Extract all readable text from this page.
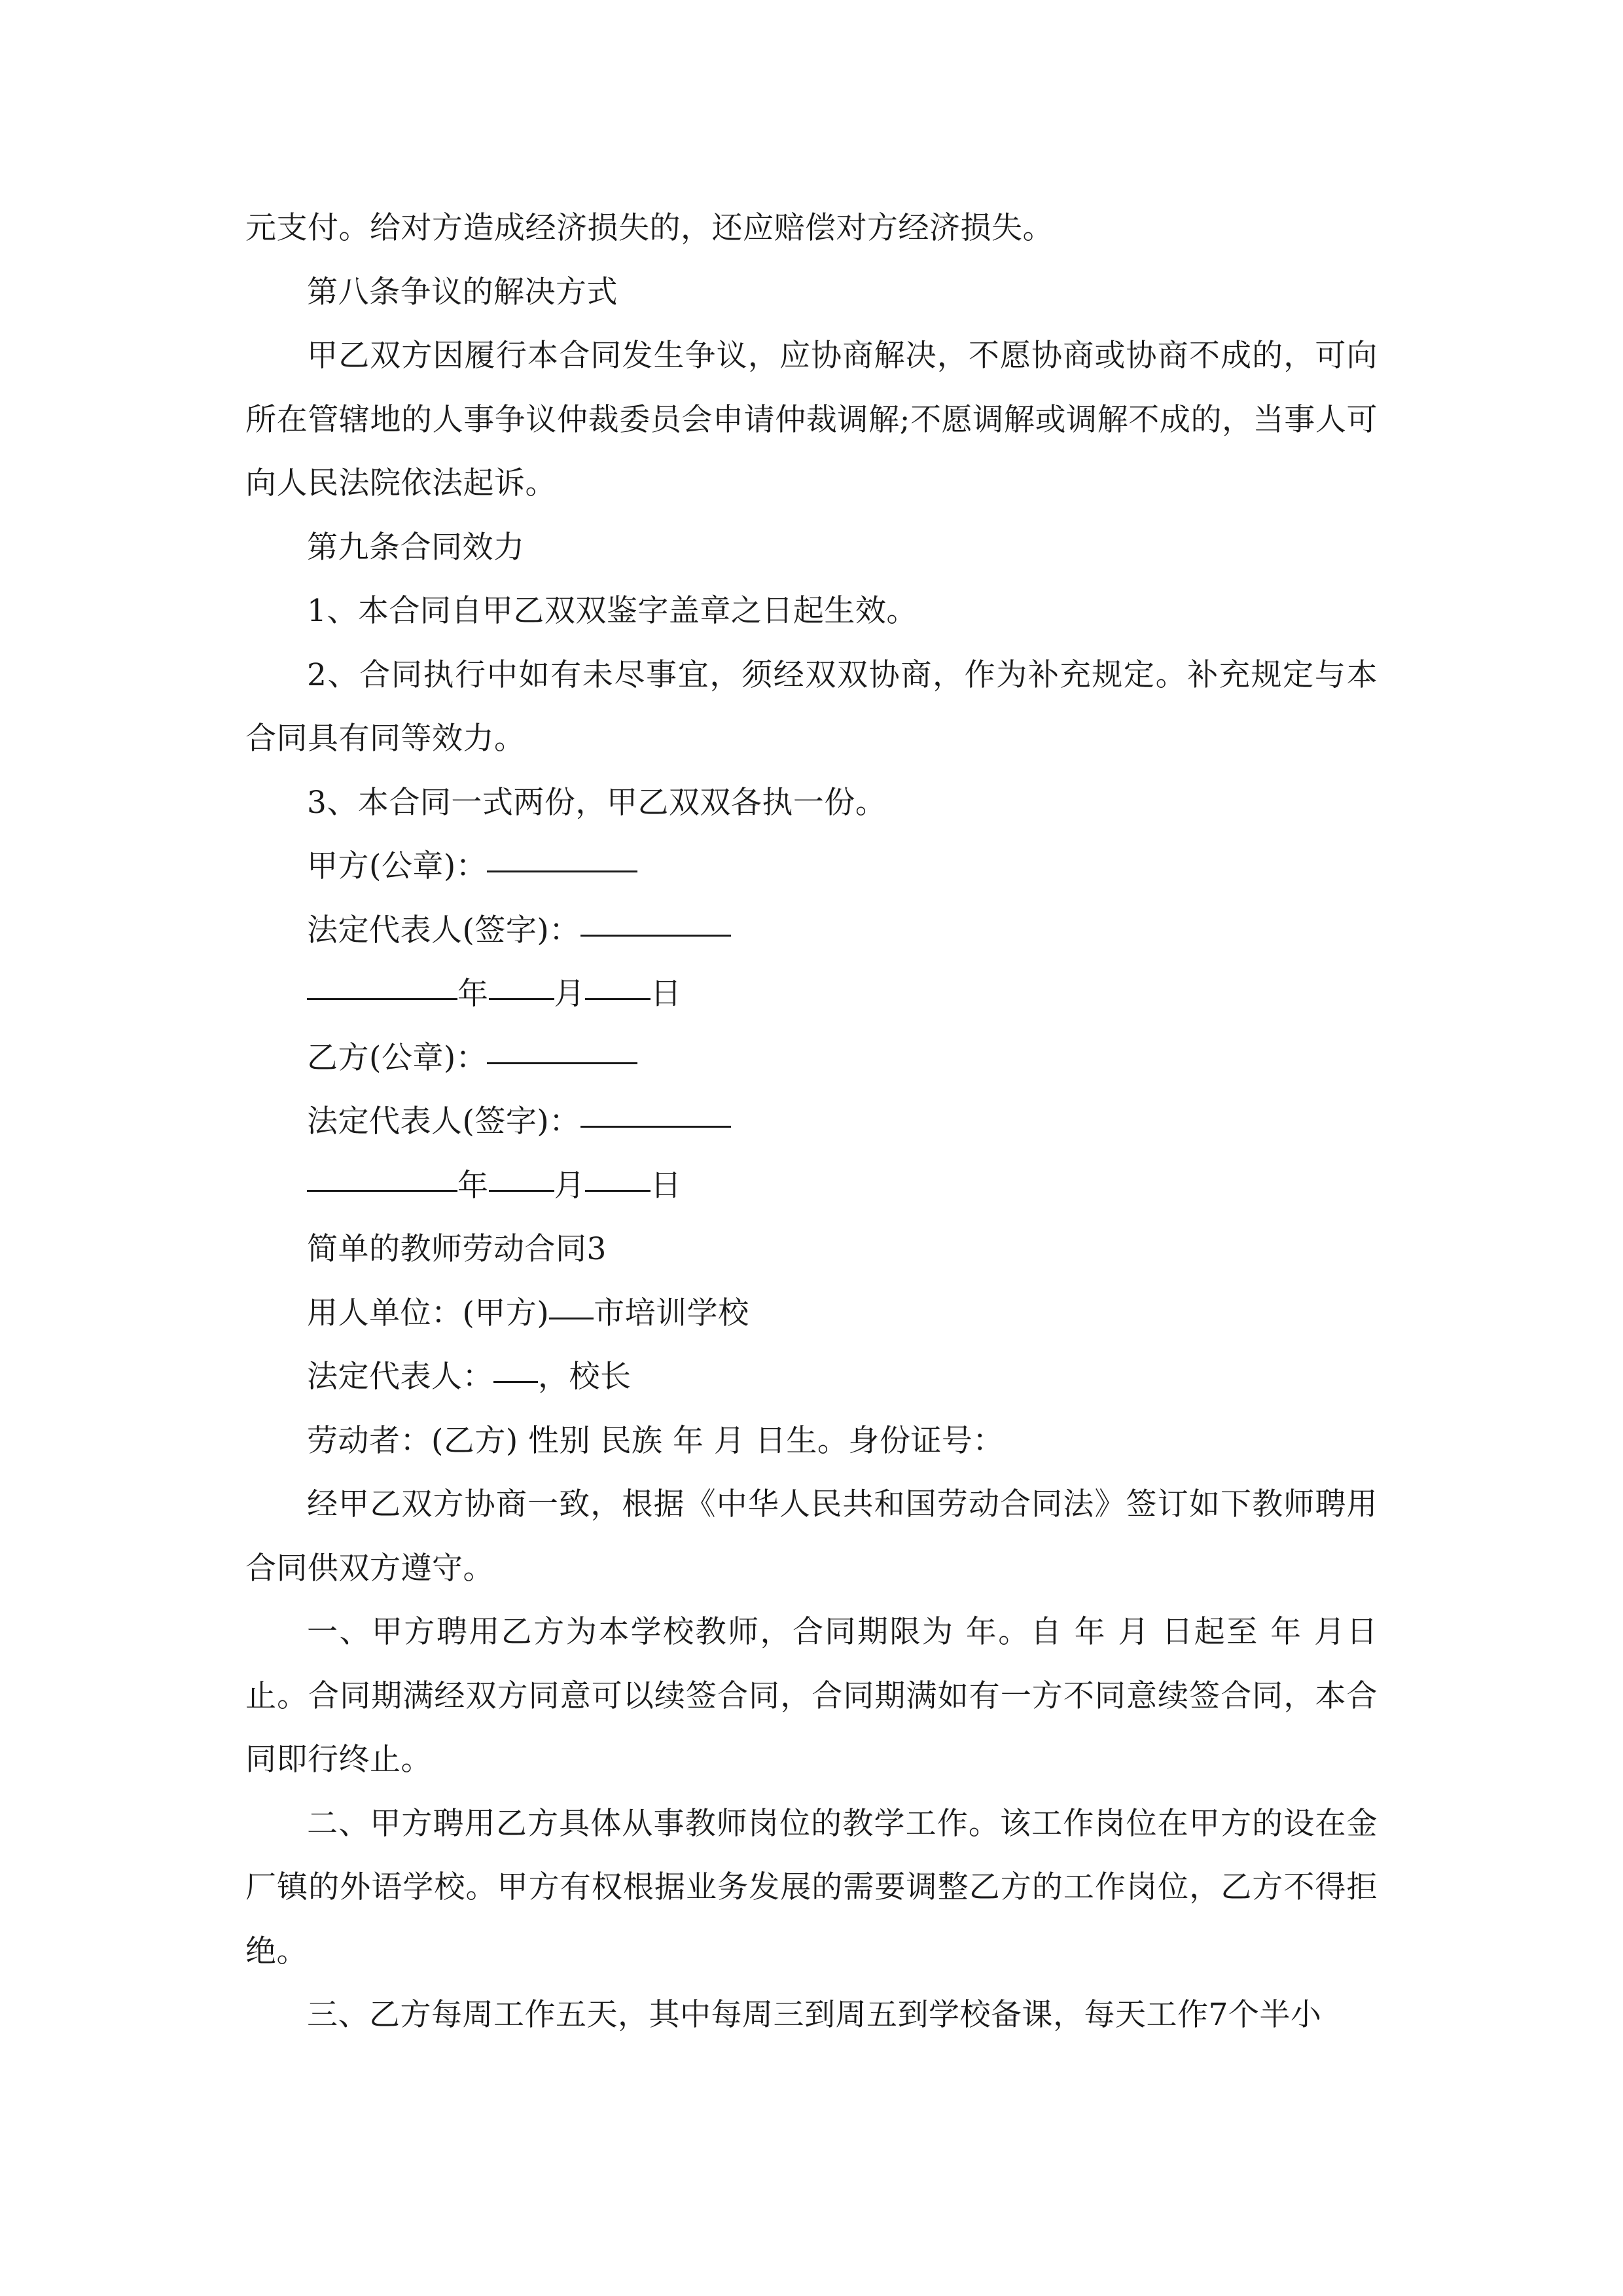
元支付。给对方造成经济损失的，还应赔偿对方经济损失。

第八条争议的解决方式

甲乙双方因履行本合同发生争议，应协商解决，不愿协商或协商不成的，可向所在管辖地的人事争议仲裁委员会申请仲裁调解;不愿调解或调解不成的，当事人可向人民法院依法起诉。

第九条合同效力

1、本合同自甲乙双双鉴字盖章之日起生效。

2、合同执行中如有未尽事宜，须经双双协商，作为补充规定。补充规定与本合同具有同等效力。

3、本合同一式两份，甲乙双双各执一份。

甲方(公章)：

法定代表人(签字)：

年 月 日

乙方(公章)：

法定代表人(签字)：

年 月 日

简单的教师劳动合同3

用人单位：(甲方) 市培训学校

法定代表人： ，校长

劳动者：(乙方) 性别 民族 年 月 日生。身份证号：

经甲乙双方协商一致，根据《中华人民共和国劳动合同法》签订如下教师聘用合同供双方遵守。

一、甲方聘用乙方为本学校教师，合同期限为 年。自 年 月 日起至 年 月日止。合同期满经双方同意可以续签合同，合同期满如有一方不同意续签合同，本合同即行终止。

二、甲方聘用乙方具体从事教师岗位的教学工作。该工作岗位在甲方的设在金厂镇的外语学校。甲方有权根据业务发展的需要调整乙方的工作岗位，乙方不得拒绝。

三、乙方每周工作五天，其中每周三到周五到学校备课，每天工作7个半小
